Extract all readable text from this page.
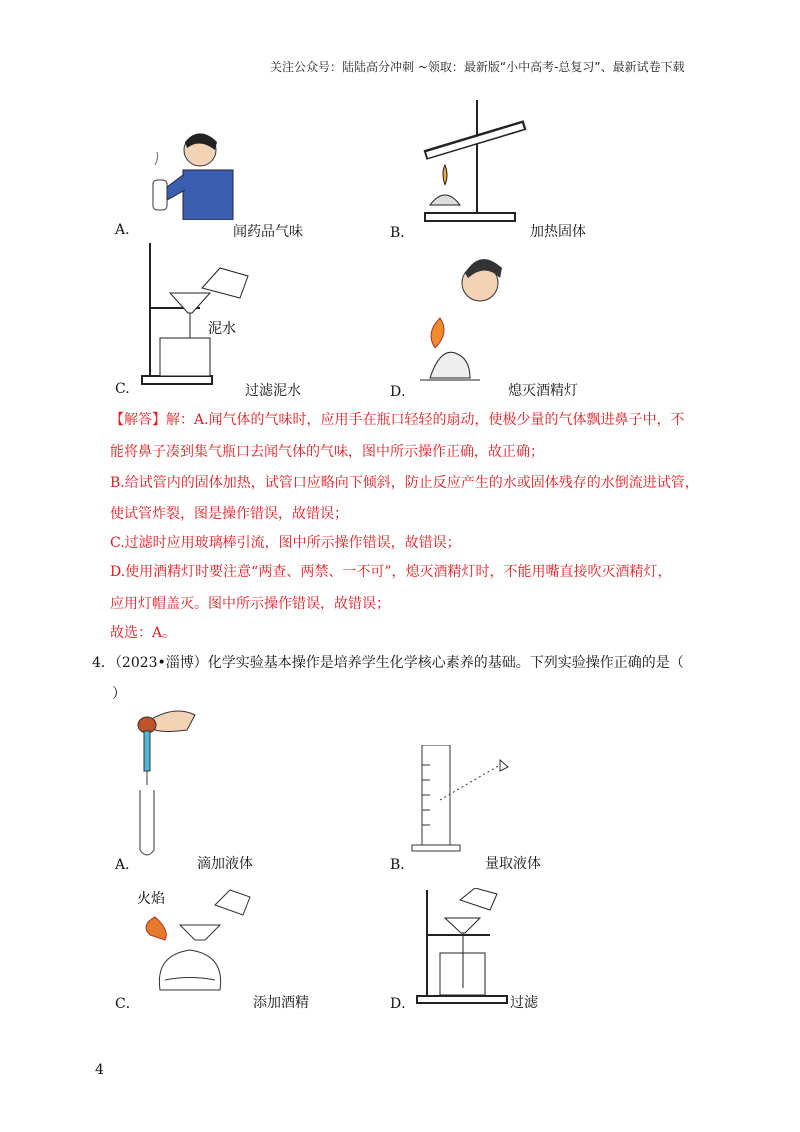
关注公众号：陆陆高分冲刺 ~领取：最新版“小中高考-总复习”、最新试卷下载
A.	闻药品气味	B．	加热固体
泥水
C.	过滤泥水	D．	熄灭酒精灯
【解答】解：A.闻气体的气味时，应用手在瓶口轻轻的扇动，使极少量的气体飘进鼻子中，不
能将鼻子凑到集气瓶口去闻气体的气味，图中所示操作正确，故正确；
B.给试管内的固体加热，试管口应略向下倾斜，防止反应产生的水或固体残存的水倒流进试管，
使试管炸裂，图是操作错误，故错误；
C.过滤时应用玻璃棒引流，图中所示操作错误，故错误；
D.使用酒精灯时要注意“两查、两禁、一不可”，熄灭酒精灯时，不能用嘴直接吹灭酒精灯，
应用灯帽盖灭。图中所示操作错误，故错误；
故选：A。
4．（2023•淄博）化学实验基本操作是培养学生化学核心素养的基础。下列实验操作正确的是（
）
A．	滴加液体	B．	量取液体
火焰
C．	添加酒精	D．	过滤
4
